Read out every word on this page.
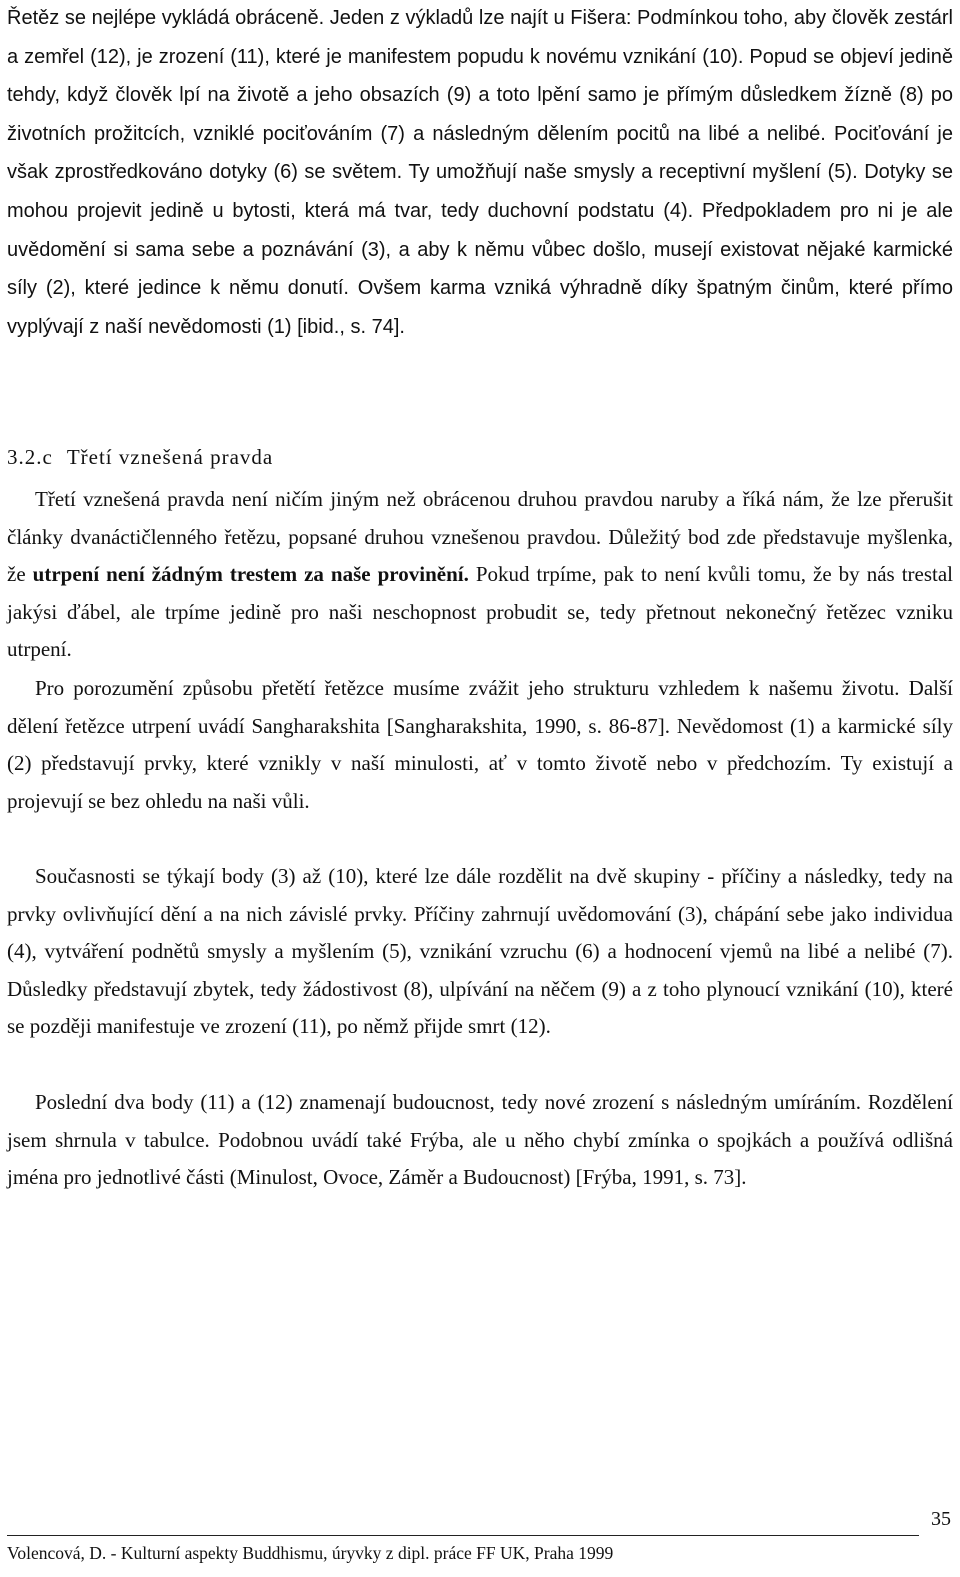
Řetěz se nejlépe vykládá obráceně. Jeden z výkladů lze najít u Fišera: Podmínkou toho, aby člověk zestárl a zemřel (12), je zrození (11), které je manifestem popudu k novému vznikání (10). Popud se objeví jedině tehdy, když člověk lpí na životě a jeho obsazích (9) a toto lpění samo je přímým důsledkem žízně (8) po životních prožitcích, vzniklé pociťováním (7) a následným dělením pocitů na libé a nelibé. Pociťování je však zprostředkováno dotyky (6) se světem. Ty umožňují naše smysly a receptivní myšlení (5). Dotyky se mohou projevit jedině u bytosti, která má tvar, tedy duchovní podstatu (4). Předpokladem pro ni je ale uvědomění si sama sebe a poznávání (3), a aby k němu vůbec došlo, musejí existovat nějaké karmické síly (2), které jedince k němu donutí. Ovšem karma vzniká výhradně díky špatným činům, které přímo vyplývají z naší nevědomosti (1) [ibid., s. 74].

3.2.c Třetí vznešená pravda

Třetí vznešená pravda není ničím jiným než obrácenou druhou pravdou naruby a říká nám, že lze přerušit články dvanáctičlenného řetězu, popsané druhou vznešenou pravdou. Důležitý bod zde představuje myšlenka, že utrpení není žádným trestem za naše provinění. Pokud trpíme, pak to není kvůli tomu, že by nás trestal jakýsi ďábel, ale trpíme jedině pro naši neschopnost probudit se, tedy přetnout nekonečný řetězec vzniku utrpení.

Pro porozumění způsobu přetětí řetězce musíme zvážit jeho strukturu vzhledem k našemu životu. Další dělení řetězce utrpení uvádí Sangharakshita [Sangharakshita, 1990, s. 86-87]. Nevědomost (1) a karmické síly (2) představují prvky, které vznikly v naší minulosti, ať v tomto životě nebo v předchozím. Ty existují a projevují se bez ohledu na naši vůli.

Současnosti se týkají body (3) až (10), které lze dále rozdělit na dvě skupiny - příčiny a následky, tedy na prvky ovlivňující dění a na nich závislé prvky. Příčiny zahrnují uvědomování (3), chápání sebe jako individua (4), vytváření podnětů smysly a myšlením (5), vznikání vzruchu (6) a hodnocení vjemů na libé a nelibé (7). Důsledky představují zbytek, tedy žádostivost (8), ulpívání na něčem (9) a z toho plynoucí vznikání (10), které se později manifestuje ve zrození (11), po němž přijde smrt (12).

Poslední dva body (11) a (12) znamenají budoucnost, tedy nové zrození s následným umíráním. Rozdělení jsem shrnula v tabulce. Podobnou uvádí také Frýba, ale u něho chybí zmínka o spojkách a používá odlišná jména pro jednotlivé části (Minulost, Ovoce, Záměr a Budoucnost) [Frýba, 1991, s. 73].

35

Volencová, D. - Kulturní aspekty Buddhismu, úryvky z dipl. práce FF UK, Praha 1999
